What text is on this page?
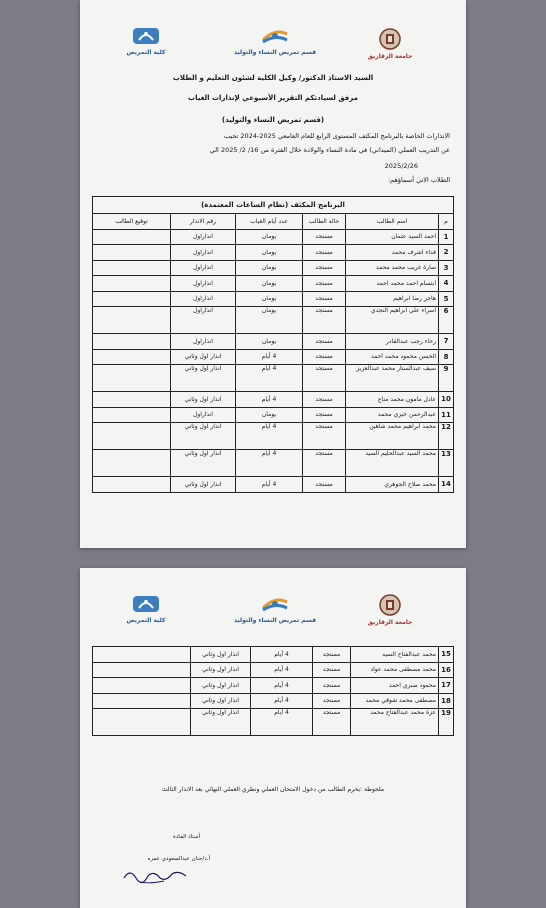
جامعة الزقازيق
قسم تمريض النساء والتوليد
كلية التمريض
السيد الاستاذ الدكتور/ وكيل الكلية لشئون التعليم و الطلاب
مرفق لسيادتكم التقرير الأسبوعي لإنذارات الغياب
(قسم تمريض النساء والتوليد)
الانذارات الخاصة بالبرنامج المكثف المستوى الرابع للعام العامعي 2025-2024 تخيب
عن التدريب العملي (الميداني) في مادة النساء والولادة خلال الفترة من 16/ 2/ 2025 الي
2025/2/26
الطلاب الاتي أسماؤهم:
البرنامج المكثف (نظام الساعات المعتمدة)					
م	اسم الطالب	حالة الطالب	عدد أيام الغياب	رقم الانذار	توقيع الطالب
1	احمد السيد عثمان	مستجد	يومان	انذاراول	
2	فداء اشرف محمد	مستجد	يومان	انذاراول	
3	سارة غريب محمد محمد	مستجد	يومان	انذاراول	
4	ابتسام احمد محمد احمد	مستجد	يومان	انذاراول	
5	هاجر رضا ابراهيم	مستجد	يومان	انذاراول	
6	اسراء علي ابراهيم النجدي	مستجد	يومان	انذاراول	
7	رحاء رجب عبدالقادر	مستجد	يومان	انذاراول	
8	الحسن محمود محمد احمد	مستجد	4 أيام	انذار اول وثاني	
9	سيف عبدالستار محمد عبدالعزيز	مستجد	4 أيام	انذار اول وثاني	
10	عادل مامون محمد مناع	مستجد	4 أيام	انذار اول وثاني	
11	عبدالرحمن خيري محمد	مستجد	يومان	انذاراول	
12	محمد ابراهيم محمد شاهين	مستجد	4 أيام	انذار اول وثاني	
13	محمد السيد عبدالحليم السيد	مستجد	4 أيام	انذار اول وثاني	
14	محمد صلاح الجوهري	مستجد	4 أيام	انذار اول وثاني	
جامعة الزقازيق
قسم تمريض النساء والتوليد
كلية التمريض

15	محمد عبدالفتاح السيد	مستجد	4 أيام	انذار اول وثاني	
16	محمد مصطفى محمد عواد	مستجد	4 أيام	انذار اول وثاني	
17	محمود صبري احمد	مستجد	4 أيام	انذار اول وثاني	
18	مصطفى محمد شوقي محمد	مستجد	4 أيام	انذار اول وثاني	
19	عزة محمد عبدالفتاح محمد	مستجد	4 أيام	انذار اول وثاني	
ملحوظة :يحرم الطالب من دخول الامتحان العملي ونظري العملي النهائي بعد الانذار الثالث
أستاذ المادة
أ.د/حنان عبدالسعودي عمره
